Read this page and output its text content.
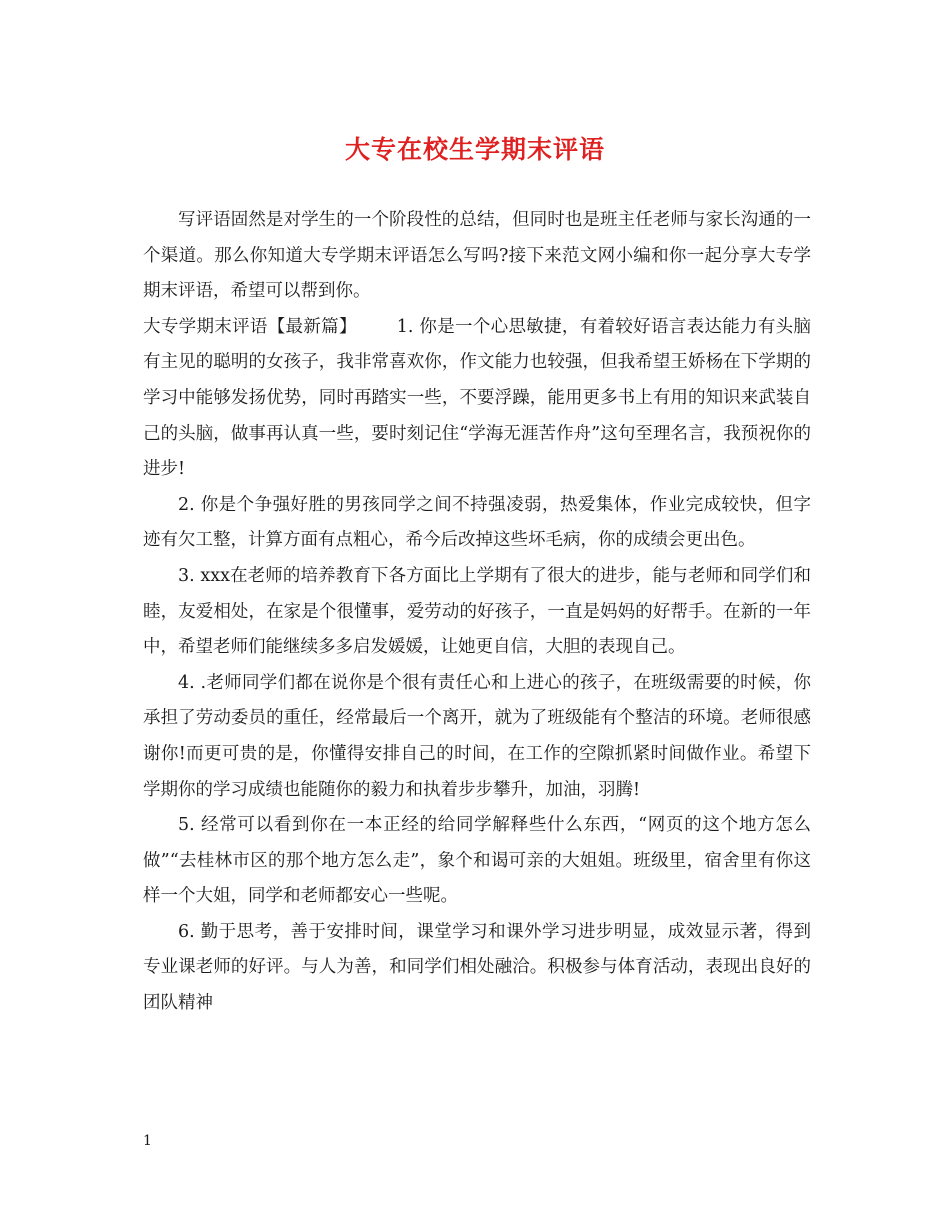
大专在校生学期末评语

写评语固然是对学生的一个阶段性的总结，但同时也是班主任老师与家长沟通的一个渠道。那么你知道大专学期末评语怎么写吗?接下来范文网小编和你一起分享大专学期末评语，希望可以帮到你。

大专学期末评语【最新篇】 1. 你是一个心思敏捷，有着较好语言表达能力有头脑有主见的聪明的女孩子，我非常喜欢你，作文能力也较强，但我希望王娇杨在下学期的学习中能够发扬优势，同时再踏实一些，不要浮躁，能用更多书上有用的知识来武装自己的头脑，做事再认真一些，要时刻记住“学海无涯苦作舟”这句至理名言，我预祝你的进步!

2. 你是个争强好胜的男孩同学之间不持强凌弱，热爱集体，作业完成较快，但字迹有欠工整，计算方面有点粗心，希今后改掉这些坏毛病，你的成绩会更出色。

3. xxx在老师的培养教育下各方面比上学期有了很大的进步，能与老师和同学们和睦，友爱相处，在家是个很懂事，爱劳动的好孩子，一直是妈妈的好帮手。在新的一年中，希望老师们能继续多多启发媛媛，让她更自信，大胆的表现自己。

4. .老师同学们都在说你是个很有责任心和上进心的孩子，在班级需要的时候，你承担了劳动委员的重任，经常最后一个离开，就为了班级能有个整洁的环境。老师很感谢你!而更可贵的是，你懂得安排自己的时间，在工作的空隙抓紧时间做作业。希望下学期你的学习成绩也能随你的毅力和执着步步攀升，加油，羽腾!

5. 经常可以看到你在一本正经的给同学解释些什么东西，“网页的这个地方怎么做”“去桂林市区的那个地方怎么走”，象个和谒可亲的大姐姐。班级里，宿舍里有你这样一个大姐，同学和老师都安心一些呢。

6. 勤于思考，善于安排时间，课堂学习和课外学习进步明显，成效显示著，得到专业课老师的好评。与人为善，和同学们相处融洽。积极参与体育活动，表现出良好的团队精神

1
